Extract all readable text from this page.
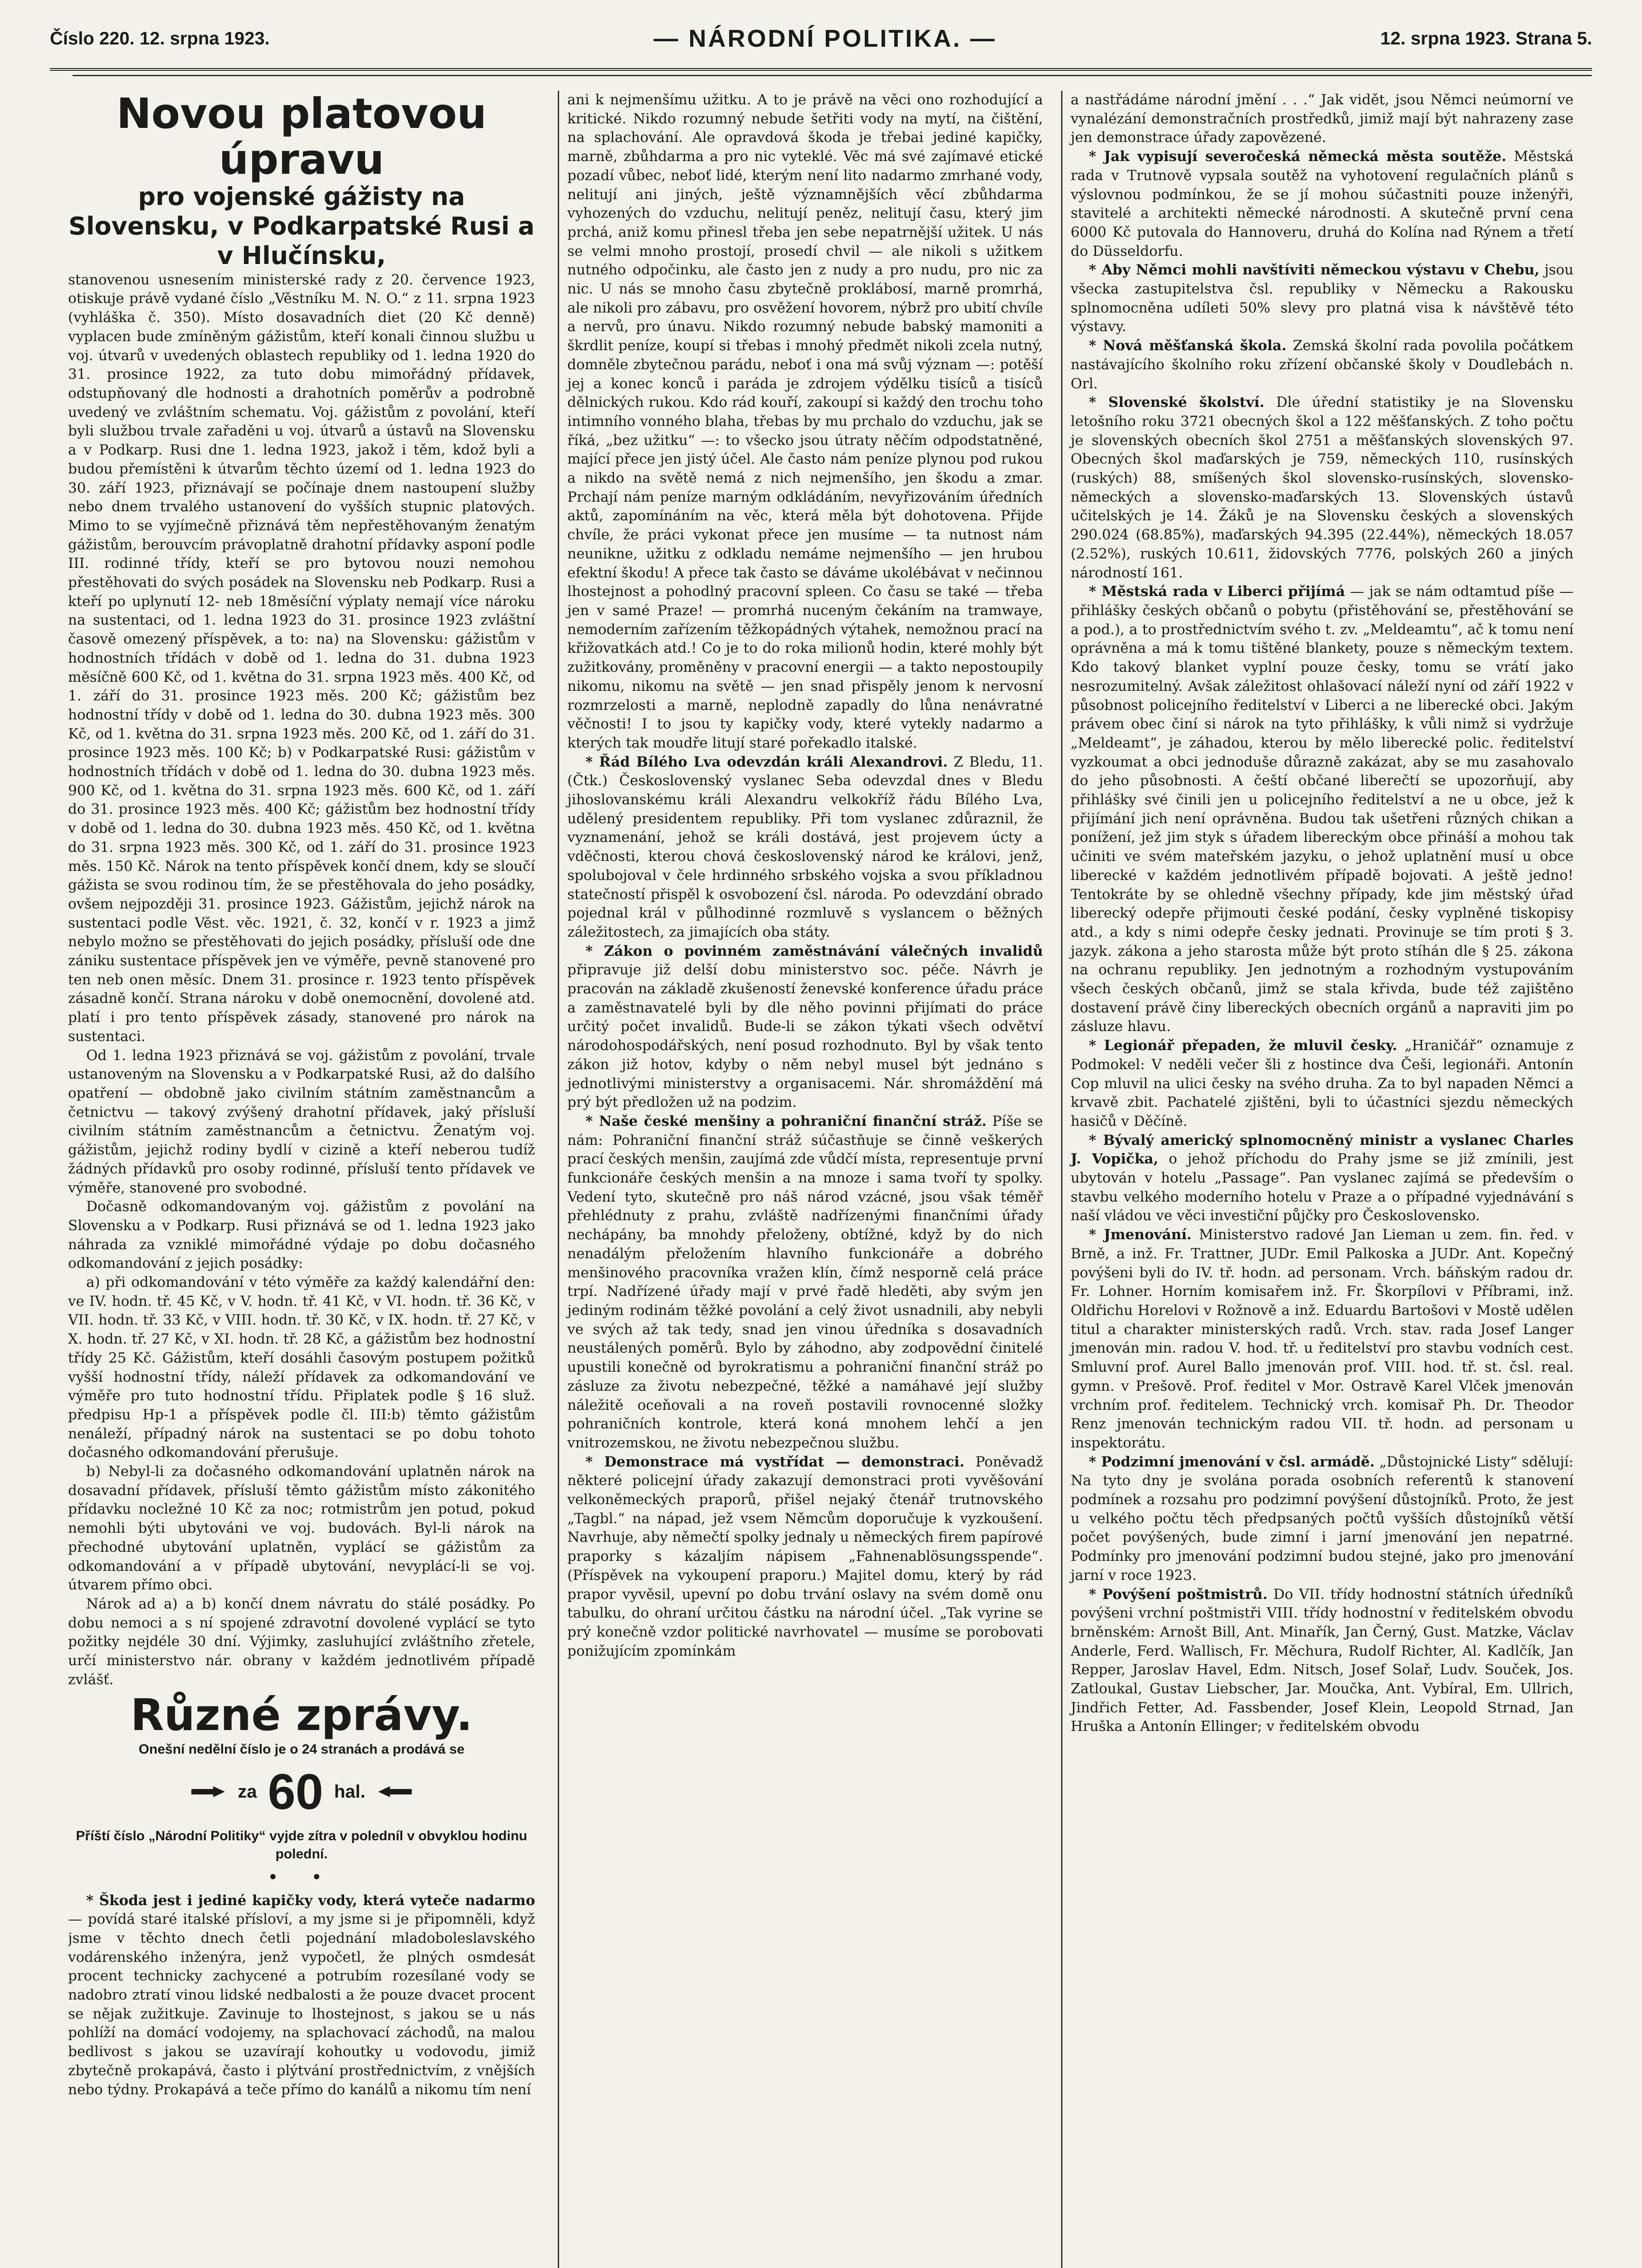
Číslo 220. 12. srpna 1923.	— NÁRODNÍ POLITIKA. —	12. srpna 1923. Strana 5.
Novou platovou úpravu
pro vojenské gážisty na Slovensku, v Podkarpatské Rusi a v Hlučínsku,

stanovenou usnesením ministerské rady z 20. července 1923, otiskuje právě vydané číslo „Věstníku M. N. O.“ z 11. srpna 1923 (vyhláška č. 350). Místo dosavadních diet (20 Kč denně) vyplacen bude zmíněným gážistům, kteří konali činnou službu u voj. útvarů v uvedených oblastech republiky od 1. ledna 1920 do 31. prosince 1922, za tuto dobu mimořádný přídavek, odstupňovaný dle hodnosti a drahotních poměrův a podrobně uvedený ve zvláštním schematu. Voj. gážistům z povolání, kteří byli službou trvale zařaděni u voj. útvarů a ústavů na Slovensku a v Podkarp. Rusi dne 1. ledna 1923, jakož i těm, kdož byli a budou přemístěni k útvarům těchto území od 1. ledna 1923 do 30. září 1923, přiznávají se počínaje dnem nastoupení služby nebo dnem trvalého ustanovení do vyšších stupnic platových. Mimo to se vyjímečně přiznává těm nepřestěhovaným ženatým gážistům, berouvcím právoplatně drahotní přídavky asponí podle III. rodinné třídy, kteří se pro bytovou nouzi nemohou přestěhovati do svých posádek na Slovensku neb Podkarp. Rusi a kteří po uplynutí 12- neb 18měsíční výplaty nemají více nároku na sustentaci, od 1. ledna 1923 do 31. prosince 1923 zvláštní časově omezený příspěvek, a to: na) na Slovensku: gážistům v hodnostních třídách v době od 1. ledna do 31. dubna 1923 měsíčně 600 Kč, od 1. května do 31. srpna 1923 měs. 400 Kč, od 1. září do 31. prosince 1923 měs. 200 Kč; gážistům bez hodnostní třídy v době od 1. ledna do 30. dubna 1923 měs. 300 Kč, od 1. května do 31. srpna 1923 měs. 200 Kč, od 1. září do 31. prosince 1923 měs. 100 Kč; b) v Podkarpatské Rusi: gážistům v hodnostních třídách v době od 1. ledna do 30. dubna 1923 měs. 900 Kč, od 1. května do 31. srpna 1923 měs. 600 Kč, od 1. září do 31. prosince 1923 měs. 400 Kč; gážistům bez hodnostní třídy v době od 1. ledna do 30. dubna 1923 měs. 450 Kč, od 1. května do 31. srpna 1923 měs. 300 Kč, od 1. září do 31. prosince 1923 měs. 150 Kč. Nárok na tento příspěvek končí dnem, kdy se sloučí gážista se svou rodinou tím, že se přestěhovala do jeho posádky, ovšem nejpozději 31. prosince 1923. Gážistům, jejichž nárok na sustentaci podle Věst. věc. 1921, č. 32, končí v r. 1923 a jimž nebylo možno se přestěhovati do jejich posádky, přísluší ode dne zániku sustentace příspěvek jen ve výměře, pevně stanovené pro ten neb onen měsíc. Dnem 31. prosince r. 1923 tento příspěvek zásadně končí. Strana nároku v době onemocnění, dovolené atd. platí i pro tento příspěvek zásady, stanovené pro nárok na sustentaci.

Od 1. ledna 1923 přiznává se voj. gážistům z povolání, trvale ustanoveným na Slovensku a v Podkarpatské Rusi, až do dalšího opatření — obdobně jako civilním státním zaměstnancům a četnictvu — takový zvýšený drahotní přídavek, jaký přísluší civilním státním zaměstnancům a četnictvu. Ženatým voj. gážistům, jejichž rodiny bydlí v cizině a kteří neberou tudíž žádných přídavků pro osoby rodinné, přísluší tento přídavek ve výměře, stanovené pro svobodné.

Dočasně odkomandovaným voj. gážistům z povolání na Slovensku a v Podkarp. Rusi přiznává se od 1. ledna 1923 jako náhrada za vzniklé mimořádné výdaje po dobu dočasného odkomandování z jejich posádky:

a) při odkomandování v této výměře za každý kalendářní den: ve IV. hodn. tř. 45 Kč, v V. hodn. tř. 41 Kč, v VI. hodn. tř. 36 Kč, v VII. hodn. tř. 33 Kč, v VIII. hodn. tř. 30 Kč, v IX. hodn. tř. 27 Kč, v X. hodn. tř. 27 Kč, v XI. hodn. tř. 28 Kč, a gážistům bez hodnostní třídy 25 Kč. Gážistům, kteří dosáhli časovým postupem požitků vyšší hodnostní třídy, náleží přídavek za odkomandování ve výměře pro tuto hodnostní třídu. Připlatek podle § 16 služ. předpisu Hp-1 a příspěvek podle čl. III:b) těmto gážistům nenáleží, případný nárok na sustentaci se po dobu tohoto dočasného odkomandování přerušuje.

b) Nebyl-li za dočasného odkomandování uplatněn nárok na dosavadní přídavek, přísluší těmto gážistům místo zákonitého přídavku nocležné 10 Kč za noc; rotmistrům jen potud, pokud nemohli býti ubytováni ve voj. budovách. Byl-li nárok na přechodné ubytování uplatněn, vyplácí se gážistům za odkomandování a v případě ubytování, nevyplácí-li se voj. útvarem přímo obci.

Nárok ad a) a b) končí dnem návratu do stálé posádky. Po dobu nemoci a s ní spojené zdravotní dovolené vyplácí se tyto požitky nejdéle 30 dní. Výjimky, zasluhující zvláštního zřetele, určí ministerstvo nár. obrany v každém jednotlivém případě zvlášť.

Různé zprávy.

Onešní nedělní číslo je o 24 stranách a prodává se

za 60 hal.

Příští číslo „Národní Politiky“ vyjde zítra v poledníl v obvyklou hodinu polední.

• •

* Škoda jest i jediné kapičky vody, která vyteče nadarmo — povídá staré italské přísloví, a my jsme si je připomněli, když jsme v těchto dnech četli pojednání mladoboleslavského vodárenského inženýra, jenž vypočetl, že plných osmdesát procent technicky zachycené a potrubím rozesílané vody se nadobro ztratí vinou lidské nedbalosti a že pouze dvacet procent se nějak zužitkuje. Zavinuje to lhostejnost, s jakou se u nás pohlíží na domácí vodojemy, na splachovací záchodů, na malou bedlivost s jakou se uzavírají kohoutky u vodovodu, jimiž zbytečně prokapává, často i plýtvání prostřednictvím, z vnějších nebo týdny. Prokapává a teče přímo do kanálů a nikomu tím není

ani k nejmenšímu užitku. A to je právě na věci ono rozhodující a kritické. Nikdo rozumný nebude šetřiti vody na mytí, na čištění, na splachování. Ale opravdová škoda je třebai jediné kapičky, marně, zbůhdarma a pro nic vyteklé. Věc má své zajímavé etické pozadí vůbec, neboť lidé, kterým není lito nadarmo zmrhané vody, nelitují ani jiných, ještě významnějších věcí zbůhdarma vyhozených do vzduchu, nelitují peněz, nelitují času, který jim prchá, aniž komu přinesl třeba jen sebe nepatrnější užitek. U nás se velmi mnoho prostojí, prosedí chvil — ale nikoli s užitkem nutného odpočinku, ale často jen z nudy a pro nudu, pro nic za nic. U nás se mnoho času zbytečně proklábosí, marně promrhá, ale nikoli pro zábavu, pro osvěžení hovorem, nýbrž pro ubití chvíle a nervů, pro únavu. Nikdo rozumný nebude babský mamoniti a škrdlit peníze, koupí si třebas i mnohý předmět nikoli zcela nutný, domněle zbytečnou parádu, neboť i ona má svůj význam —: potěší jej a konec konců i paráda je zdrojem výdělku tisíců a tisíců dělnických rukou. Kdo rád kouří, zakoupí si každý den trochu toho intimního vonného blaha, třebas by mu prchalo do vzduchu, jak se říká, „bez užitku“ —: to všecko jsou útraty něčím odpodstatněné, mající přece jen jistý účel. Ale často nám peníze plynou pod rukou a nikdo na světě nemá z nich nejmenšího, jen škodu a zmar. Prchají nám peníze marným odkládáním, nevyřizováním úředních aktů, zapomínáním na věc, která měla být dohotovena. Přijde chvíle, že práci vykonat přece jen musíme — ta nutnost nám neunikne, užitku z odkladu nemáme nejmenšího — jen hrubou efektní škodu! A přece tak často se dáváme ukolébávat v nečinnou lhostejnost a pohodlný pracovní spleen. Co času se také — třeba jen v samé Praze! — promrhá nuceným čekáním na tramwaye, nemoderním zařízením těžkopádných výtahek, nemožnou prací na křižovatkách atd.! Co je to do roka milionů hodin, které mohly být zužitkovány, proměněny v pracovní energii — a takto nepostoupily nikomu, nikomu na světě — jen snad přispěly jenom k nervosní rozmrzelosti a marně, neplodně zapadly do lůna nenávratné věčnosti! I to jsou ty kapičky vody, které vytekly nadarmo a kterých tak moudře litují staré pořekadlo italské.

* Řád Bílého Lva odevzdán králi Alexandrovi. Z Bledu, 11. (Čtk.) Československý vyslanec Seba odevzdal dnes v Bledu jihoslovanskému králi Alexandru velkokříž řádu Bílého Lva, udělený presidentem republiky. Při tom vyslanec zdůraznil, že vyznamenání, jehož se králi dostává, jest projevem úcty a vděčnosti, kterou chová československý národ ke královi, jenž, spolubojoval v čele hrdinného srbského vojska a svou příkladnou statečností přispěl k osvobození čsl. národa. Po odevzdání obrado pojednal král v půlhodinné rozmluvě s vyslancem o běžných záležitostech, za jimajících oba státy.

* Zákon o povinném zaměstnávání válečných invalidů připravuje již delší dobu ministerstvo soc. péče. Návrh je pracován na základě zkušeností ženevské konference úřadu práce a zaměstnavatelé byli by dle něho povinni přijímati do práce určitý počet invalidů. Bude-li se zákon týkati všech odvětví národohospodářských, není posud rozhodnuto. Byl by však tento zákon již hotov, kdyby o něm nebyl musel být jednáno s jednotlivými ministerstvy a organisacemi. Nár. shromáždění má prý být předložen už na podzim.

* Naše české menšiny a pohraniční finanční stráž. Píše se nám: Pohraniční finanční stráž súčastňuje se činně veškerých prací českých menšin, zaujímá zde vůdčí místa, representuje první funkcionáře českých menšin a na mnoze i sama tvoří ty spolky. Vedení tyto, skutečně pro náš národ vzácné, jsou však téměř přehlédnuty z prahu, zvláště nadřízenými finančními úřady nechápány, ba mnohdy přeloženy, obtížné, když by do nich nenadálým přeložením hlavního funkcionáře a dobrého menšinového pracovníka vražen klín, čímž nesporně celá práce trpí. Nadřízené úřady mají v prvé řadě hleděti, aby svým jen jediným rodinám těžké povolání a celý život usnadnili, aby nebyli ve svých až tak tedy, snad jen vinou úředníka s dosavadních neustálených poměrů. Bylo by záhodno, aby zodpovědní činitelé upustili konečně od byrokratismu a pohraniční finanční stráž po zásluze za životu nebezpečné, těžké a namáhavé její služby náležitě oceňovali a na roveň postavili rovnocenné složky pohraničních kontrole, která koná mnohem lehčí a jen vnitrozemskou, ne životu nebezpečnou službu.

* Demonstrace má vystřídat — demonstraci. Poněvadž některé policejní úřady zakazují demonstraci proti vyvěšování velkoněmeckých praporů, přišel nejaký čtenář trutnovského „Tagbl.“ na nápad, jež vsem Němcům doporučuje k vyzkoušení. Navrhuje, aby němečtí spolky jednaly u německých firem papírové praporky s kázaljím nápisem „Fahnenablösungsspende“. (Příspěvek na vykoupení praporu.) Majitel domu, který by rád prapor vyvěsil, upevní po dobu trvání oslavy na svém domě onu tabulku, do ohraní určitou částku na národní účel. „Tak vyrine se prý konečně vzdor politické navrhovatel — musíme se porobovati ponižujícím zpomínkám

a nastřádáme národní jmění . . .“ Jak vidět, jsou Němci neúmorní ve vynalézání demonstračních prostředků, jimiž mají být nahrazeny zase jen demonstrace úřady zapovězené.

* Jak vypisují severočeská německá města soutěže. Městská rada v Trutnově vypsala soutěž na vyhotovení regulačních plánů s výslovnou podmínkou, že se jí mohou súčastniti pouze inženýři, stavitelé a architekti německé národnosti. A skutečně první cena 6000 Kč putovala do Hannoveru, druhá do Kolína nad Rýnem a třetí do Düsseldorfu.

* Aby Němci mohli navštíviti německou výstavu v Chebu, jsou všecka zastupitelstva čsl. republiky v Německu a Rakousku splnomocněna udíleti 50% slevy pro platná visa k návštěvě této výstavy.

* Nová měšťanská škola. Zemská školní rada povolila počátkem nastávajícího školního roku zřízení občanské školy v Doudlebách n. Orl.

* Slovenské školství. Dle úřední statistiky je na Slovensku letošního roku 3721 obecných škol a 122 měšťanských. Z toho počtu je slovenských obecních škol 2751 a měšťanských slovenských 97. Obecných škol maďarských je 759, německých 110, rusínských (ruských) 88, smíšených škol slovensko-rusínských, slovensko-německých a slovensko-maďarských 13. Slovenských ústavů učitelských je 14. Žáků je na Slovensku českých a slovenských 290.024 (68.85%), maďarských 94.395 (22.44%), německých 18.057 (2.52%), ruských 10.611, židovských 7776, polských 260 a jiných národností 161.

* Městská rada v Liberci přijímá — jak se nám odtamtud píše — přihlášky českých občanů o pobytu (přistěhování se, přestěhování se a pod.), a to prostřednictvím svého t. zv. „Meldeamtu“, ač k tomu není oprávněna a má k tomu tištěné blankety, pouze s německým textem. Kdo takový blanket vyplní pouze česky, tomu se vrátí jako nesrozumitelný. Avšak záležitost ohlašovací náleží nyní od září 1922 v působnost policejního ředitelství v Liberci a ne liberecké obci. Jakým právem obec činí si nárok na tyto přihlášky, k vůli nimž si vydržuje „Meldeamt“, je záhadou, kterou by mělo liberecké polic. ředitelství vyzkoumat a obci jednoduše důrazně zakázat, aby se mu zasahovalo do jeho působnosti. A čeští občané liberečtí se upozorňují, aby přihlášky své činili jen u policejního ředitelství a ne u obce, jež k přijímání jich není oprávněna. Budou tak ušetřeni různých chikan a ponížení, jež jim styk s úřadem libereckým obce přináší a mohou tak učiniti ve svém mateřském jazyku, o jehož uplatnění musí u obce liberecké v každém jednotlivém případě bojovati. A ještě jedno! Tentokráte by se ohledně všechny případy, kde jim městský úřad liberecký odepře přijmouti české podání, česky vyplněné tiskopisy atd., a kdy s nimi odepře česky jednati. Provinuje se tím proti § 3. jazyk. zákona a jeho starosta může být proto stíhán dle § 25. zákona na ochranu republiky. Jen jednotným a rozhodným vystupováním všech českých občanů, jimž se stala křivda, bude též zajištěno dostavení právě činy libereckých obecních orgánů a napraviti jim po zásluze hlavu.

* Legionář přepaden, že mluvil česky. „Hraničář“ oznamuje z Podmokel: V neděli večer šli z hostince dva Češi, legionáři. Antonín Cop mluvil na ulici česky na svého druha. Za to byl napaden Němci a krvavě zbit. Pachatelé zjištěni, byli to účastníci sjezdu německých hasičů v Děčíně.

* Bývalý americký splnomocněný ministr a vyslanec Charles J. Vopička, o jehož příchodu do Prahy jsme se již zmínili, jest ubytován v hotelu „Passage“. Pan vyslanec zajímá se především o stavbu velkého moderního hotelu v Praze a o případné vyjednávání s naší vládou ve věci investiční půjčky pro Československo.

* Jmenování. Ministerstvo radové Jan Lieman u zem. fin. řed. v Brně, a inž. Fr. Trattner, JUDr. Emil Palkoska a JUDr. Ant. Kopečný povýšeni byli do IV. tř. hodn. ad personam. Vrch. báňským radou dr. Fr. Lohner. Horním komisařem inž. Fr. Škorpílovi v Příbrami, inž. Oldřichu Horelovi v Rožnově a inž. Eduardu Bartošovi v Mostě udělen titul a charakter ministerských radů. Vrch. stav. rada Josef Langer jmenován min. radou V. hod. tř. u ředitelství pro stavbu vodních cest. Smluvní prof. Aurel Ballo jmenován prof. VIII. hod. tř. st. čsl. real. gymn. v Prešově. Prof. ředitel v Mor. Ostravě Karel Vlček jmenován vrchním prof. ředitelem. Technický vrch. komisař Ph. Dr. Theodor Renz jmenován technickým radou VII. tř. hodn. ad personam u inspektorátu.

* Podzimní jmenování v čsl. armádě. „Důstojnické Listy“ sdělují: Na tyto dny je svolána porada osobních referentů k stanovení podmínek a rozsahu pro podzimní povýšení důstojníků. Proto, že jest u velkého počtu těch předpsaných počtů vyšších důstojníků větší počet povýšených, bude zimní i jarní jmenování jen nepatrné. Podmínky pro jmenování podzimní budou stejné, jako pro jmenování jarní v roce 1923.

* Povýšení poštmistrů. Do VII. třídy hodnostní státních úředníků povýšeni vrchní poštmistři VIII. třídy hodnostní v ředitelském obvodu brněnském: Arnošt Bill, Ant. Minařík, Jan Černý, Gust. Matzke, Václav Anderle, Ferd. Wallisch, Fr. Měchura, Rudolf Richter, Al. Kadlčík, Jan Repper, Jaroslav Havel, Edm. Nitsch, Josef Solař, Ludv. Souček, Jos. Zatloukal, Gustav Liebscher, Jar. Moučka, Ant. Vybíral, Em. Ullrich, Jindřich Fetter, Ad. Fassbender, Josef Klein, Leopold Strnad, Jan Hruška a Antonín Ellinger; v ředitelském obvodu
